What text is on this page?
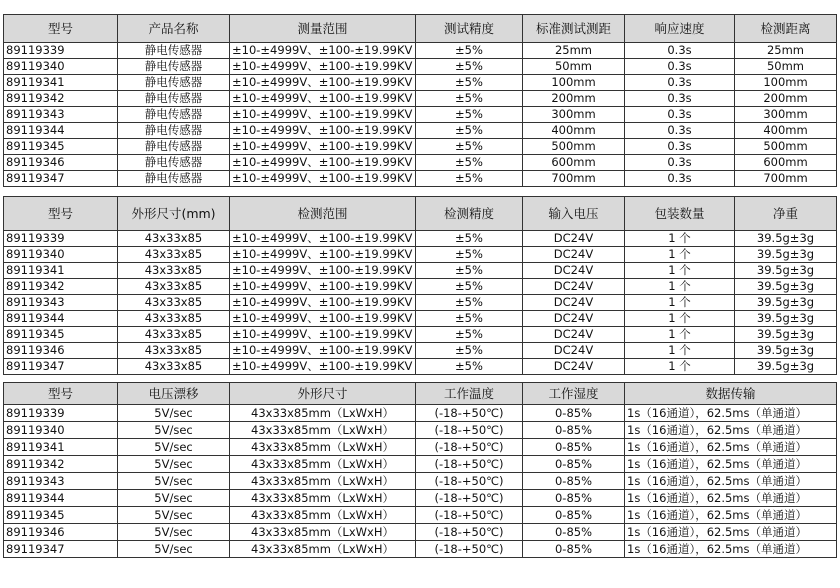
型号	产品名称	测量范围	测试精度	标准测试测距	响应速度	检测距离
89119339	静电传感器	±10-±4999V、±100-±19.99KV	±5%	25mm	0.3s	25mm
89119340	静电传感器	±10-±4999V、±100-±19.99KV	±5%	50mm	0.3s	50mm
89119341	静电传感器	±10-±4999V、±100-±19.99KV	±5%	100mm	0.3s	100mm
89119342	静电传感器	±10-±4999V、±100-±19.99KV	±5%	200mm	0.3s	200mm
89119343	静电传感器	±10-±4999V、±100-±19.99KV	±5%	300mm	0.3s	300mm
89119344	静电传感器	±10-±4999V、±100-±19.99KV	±5%	400mm	0.3s	400mm
89119345	静电传感器	±10-±4999V、±100-±19.99KV	±5%	500mm	0.3s	500mm
89119346	静电传感器	±10-±4999V、±100-±19.99KV	±5%	600mm	0.3s	600mm
89119347	静电传感器	±10-±4999V、±100-±19.99KV	±5%	700mm	0.3s	700mm
型号	外形尺寸(mm)	检测范围	检测精度	输入电压	包装数量	净重
89119339	43x33x85	±10-±4999V、±100-±19.99KV	±5%	DC24V	1 个	39.5g±3g
89119340	43x33x85	±10-±4999V、±100-±19.99KV	±5%	DC24V	1 个	39.5g±3g
89119341	43x33x85	±10-±4999V、±100-±19.99KV	±5%	DC24V	1 个	39.5g±3g
89119342	43x33x85	±10-±4999V、±100-±19.99KV	±5%	DC24V	1 个	39.5g±3g
89119343	43x33x85	±10-±4999V、±100-±19.99KV	±5%	DC24V	1 个	39.5g±3g
89119344	43x33x85	±10-±4999V、±100-±19.99KV	±5%	DC24V	1 个	39.5g±3g
89119345	43x33x85	±10-±4999V、±100-±19.99KV	±5%	DC24V	1 个	39.5g±3g
89119346	43x33x85	±10-±4999V、±100-±19.99KV	±5%	DC24V	1 个	39.5g±3g
89119347	43x33x85	±10-±4999V、±100-±19.99KV	±5%	DC24V	1 个	39.5g±3g
型号	电压漂移	外形尺寸	工作温度	工作湿度	数据传输
89119339	5V/sec	43x33x85mm（LxWxH）	(-18-+50℃)	0-85%	1s（16通道），62.5ms（单通道）
89119340	5V/sec	43x33x85mm（LxWxH）	(-18-+50℃)	0-85%	1s（16通道），62.5ms（单通道）
89119341	5V/sec	43x33x85mm（LxWxH）	(-18-+50℃)	0-85%	1s（16通道），62.5ms（单通道）
89119342	5V/sec	43x33x85mm（LxWxH）	(-18-+50℃)	0-85%	1s（16通道），62.5ms（单通道）
89119343	5V/sec	43x33x85mm（LxWxH）	(-18-+50℃)	0-85%	1s（16通道），62.5ms（单通道）
89119344	5V/sec	43x33x85mm（LxWxH）	(-18-+50℃)	0-85%	1s（16通道），62.5ms（单通道）
89119345	5V/sec	43x33x85mm（LxWxH）	(-18-+50℃)	0-85%	1s（16通道），62.5ms（单通道）
89119346	5V/sec	43x33x85mm（LxWxH）	(-18-+50℃)	0-85%	1s（16通道），62.5ms（单通道）
89119347	5V/sec	43x33x85mm（LxWxH）	(-18-+50℃)	0-85%	1s（16通道），62.5ms（单通道）
